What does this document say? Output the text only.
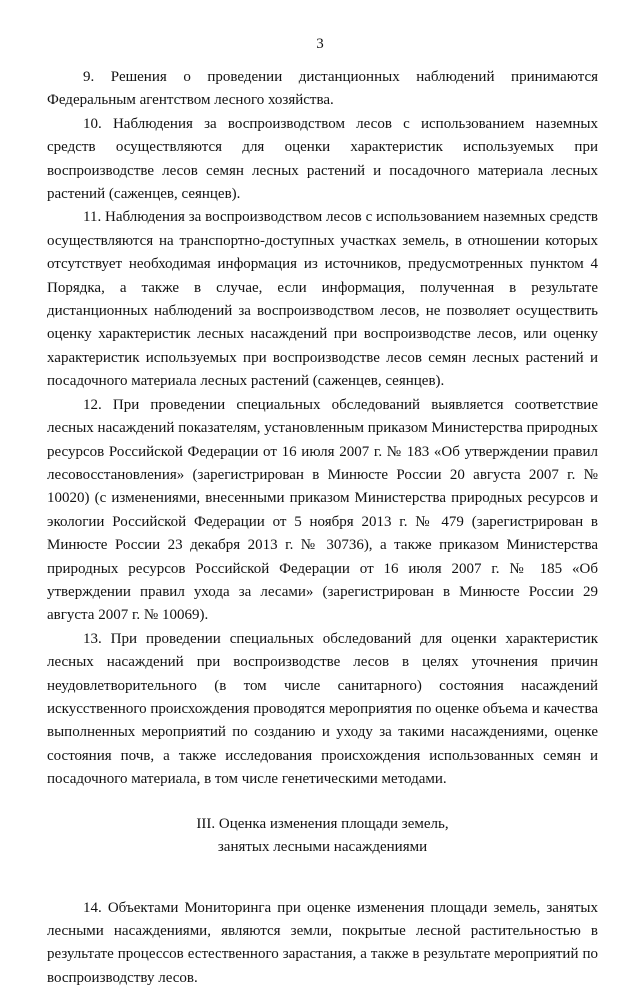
3

9. Решения о проведении дистанционных наблюдений принимаются Федеральным агентством лесного хозяйства.

10. Наблюдения за воспроизводством лесов с использованием наземных средств осуществляются для оценки характеристик используемых при воспроизводстве лесов семян лесных растений и посадочного материала лесных растений (саженцев, сеянцев).

11. Наблюдения за воспроизводством лесов с использованием наземных средств осуществляются на транспортно-доступных участках земель, в отношении которых отсутствует необходимая информация из источников, предусмотренных пунктом 4 Порядка, а также в случае, если информация, полученная в результате дистанционных наблюдений за воспроизводством лесов, не позволяет осуществить оценку характеристик лесных насаждений при воспроизводстве лесов, или оценку характеристик используемых при воспроизводстве лесов семян лесных растений и посадочного материала лесных растений (саженцев, сеянцев).

12. При проведении специальных обследований выявляется соответствие лесных насаждений показателям, установленным приказом Министерства природных ресурсов Российской Федерации от 16 июля 2007 г. № 183 «Об утверждении правил лесовосстановления» (зарегистрирован в Минюсте России 20 августа 2007 г. № 10020) (с изменениями, внесенными приказом Министерства природных ресурсов и экологии Российской Федерации от 5 ноября 2013 г. № 479 (зарегистрирован в Минюсте России 23 декабря 2013 г. № 30736), а также приказом Министерства природных ресурсов Российской Федерации от 16 июля 2007 г. № 185 «Об утверждении правил ухода за лесами» (зарегистрирован в Минюсте России 29 августа 2007 г. № 10069).

13. При проведении специальных обследований для оценки характеристик лесных насаждений при воспроизводстве лесов в целях уточнения причин неудовлетворительного (в том числе санитарного) состояния насаждений искусственного происхождения проводятся мероприятия по оценке объема и качества выполненных мероприятий по созданию и уходу за такими насаждениями, оценке состояния почв, а также исследования происхождения использованных семян и посадочного материала, в том числе генетическими методами.

III. Оценка изменения площади земель,

занятых лесными насаждениями

14. Объектами Мониторинга при оценке изменения площади земель, занятых лесными насаждениями, являются земли, покрытые лесной растительностью в результате процессов естественного зарастания, а также в результате мероприятий по воспроизводству лесов.
